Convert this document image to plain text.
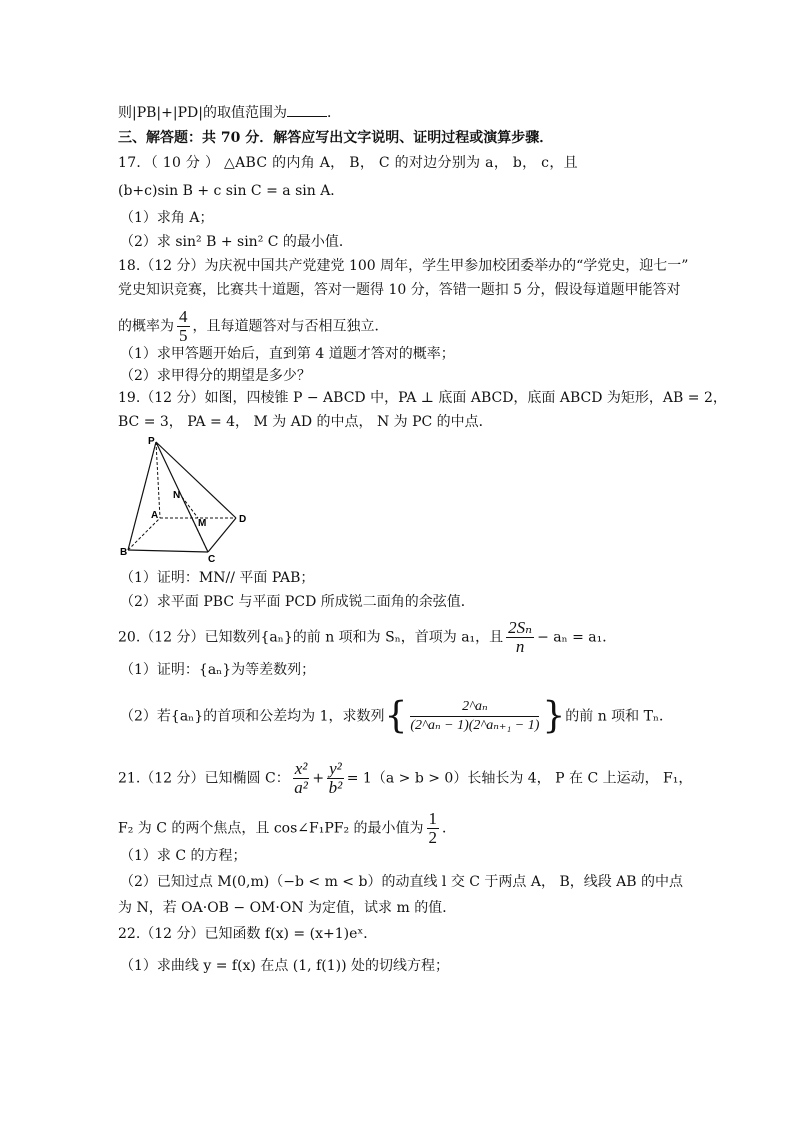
则|PB|+|PD|的取值范围为	．
三、解答题：共 70 分．解答应写出文字说明、证明过程或演算步骤．
17．（ 10 分 ） △ABC 的内角 A， B， C 的对边分别为 a， b， c，且
(b+c)sin B + c sin C = a sin A．
（1）求角 A；
（2）求 sin² B + sin² C 的最小值．
18.（12 分）为庆祝中国共产党建党 100 周年，学生甲参加校团委举办的“学党史，迎七一”
党史知识竞赛，比赛共十道题，答对一题得 10 分，答错一题扣 5 分，假设每道题甲能答对
的概率为 $\frac{4}{5}$ ，且每道题答对与否相互独立．
（1）求甲答题开始后，直到第 4 道题才答对的概率；
（2）求甲得分的期望是多少？
19.（12 分）如图，四棱锥 P − ABCD 中，PA ⊥ 底面 ABCD，底面 ABCD 为矩形，AB = 2，
BC = 3， PA = 4， M 为 AD 的中点， N 为 PC 的中点．
P
N
A
M	D
B
C
（1）证明：MN// 平面 PAB；
（2）求平面 PBC 与平面 PCD 所成锐二面角的余弦值．
20.（12 分）已知数列{aₙ}的前 n 项和为 Sₙ，首项为 a₁，且 $\frac{\text{2Sₙ}}{n} - a_n = a_1$．
（1）证明：{aₙ}为等差数列；
（2）若{aₙ}的首项和公差均为 1，求数列{ $\frac{\text{2\textasciicircum{}aₙ}}{\text{(2\textasciicircum{}aₙ − 1)(2\textasciicircum{}aₙ₊₁ − 1)}}$ }的前 n 项和 Tₙ．
21.（12 分）已知椭圆 C： $\frac{\text{x²}}{\text{a²}} + \frac{\text{y²}}{\text{b²}} = 1(a > b > 0)$长轴长为 4， P 在 C 上运动， F₁，
F₂ 为 C 的两个焦点，且 cos∠F₁PF₂ 的最小值为 $\frac{1}{2}$ ．
（1）求 C 的方程；
（2）已知过点 M(0,m)（−b < m < b）的动直线 l 交 C 于两点 A， B，线段 AB 的中点
为 N，若 OA·OB − OM·ON 为定值，试求 m 的值．
22.（12 分）已知函数 f(x) = (x+1)eˣ．
（1）求曲线 y = f(x) 在点 (1, f(1)) 处的切线方程；
